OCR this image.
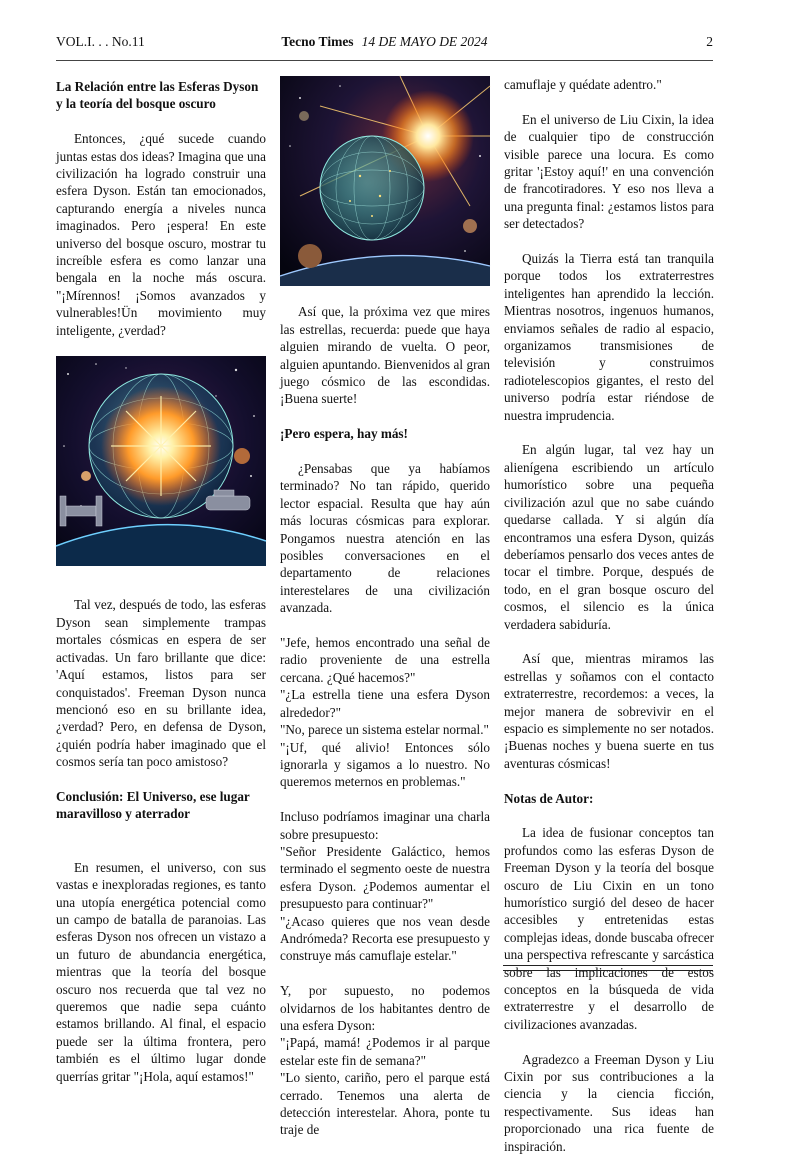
VOL.I. . . No.11	Tecno Times 14 DE MAYO DE 2024	2
La Relación entre las Esferas Dyson y la teoría del bosque oscuro

Entonces, ¿qué sucede cuando juntas estas dos ideas? Imagina que una civilización ha logrado construir una esfera Dyson. Están tan emocionados, capturando energía a niveles nunca imaginados. Pero ¡espera! En este universo del bosque oscuro, mostrar tu increíble esfera es como lanzar una bengala en la noche más oscura. "¡Mírennos! ¡Somos avanzados y vulnerables!Ün movimiento muy inteligente, ¿verdad?

Tal vez, después de todo, las esferas Dyson sean simplemente trampas mortales cósmicas en espera de ser activadas. Un faro brillante que dice: 'Aquí estamos, listos para ser conquistados'. Freeman Dyson nunca mencionó eso en su brillante idea, ¿verdad? Pero, en defensa de Dyson, ¿quién podría haber imaginado que el cosmos sería tan poco amistoso?

Conclusión: El Universo, ese lugar maravilloso y aterrador

En resumen, el universo, con sus vastas e inexploradas regiones, es tanto una utopía energética potencial como un campo de batalla de paranoias. Las esferas Dyson nos ofrecen un vistazo a un futuro de abundancia energética, mientras que la teoría del bosque oscuro nos recuerda que tal vez no queremos que nadie sepa cuánto estamos brillando. Al final, el espacio puede ser la última frontera, pero también es el último lugar donde querrías gritar "¡Hola, aquí estamos!"

Así que, la próxima vez que mires las estrellas, recuerda: puede que haya alguien mirando de vuelta. O peor, alguien apuntando. Bienvenidos al gran juego cósmico de las escondidas. ¡Buena suerte!

¡Pero espera, hay más!

¿Pensabas que ya habíamos terminado? No tan rápido, querido lector espacial. Resulta que hay aún más locuras cósmicas para explorar. Pongamos nuestra atención en las posibles conversaciones en el departamento de relaciones interestelares de una civilización avanzada.

"Jefe, hemos encontrado una señal de radio proveniente de una estrella cercana. ¿Qué hacemos?"

"¿La estrella tiene una esfera Dyson alrededor?"

"No, parece un sistema estelar normal."

"¡Uf, qué alivio! Entonces sólo ignorarla y sigamos a lo nuestro. No queremos meternos en problemas."

Incluso podríamos imaginar una charla sobre presupuesto:

"Señor Presidente Galáctico, hemos terminado el segmento oeste de nuestra esfera Dyson. ¿Podemos aumentar el presupuesto para continuar?"

"¿Acaso quieres que nos vean desde Andrómeda? Recorta ese presupuesto y construye más camuflaje estelar."

Y, por supuesto, no podemos olvidarnos de los habitantes dentro de una esfera Dyson:

"¡Papá, mamá! ¿Podemos ir al parque estelar este fin de semana?"

"Lo siento, cariño, pero el parque está cerrado. Tenemos una alerta de detección interestelar. Ahora, ponte tu traje de

camuflaje y quédate adentro."

En el universo de Liu Cixin, la idea de cualquier tipo de construcción visible parece una locura. Es como gritar '¡Estoy aquí!' en una convención de francotiradores. Y eso nos lleva a una pregunta final: ¿estamos listos para ser detectados?

Quizás la Tierra está tan tranquila porque todos los extraterrestres inteligentes han aprendido la lección. Mientras nosotros, ingenuos humanos, enviamos señales de radio al espacio, organizamos transmisiones de televisión y construimos radiotelescopios gigantes, el resto del universo podría estar riéndose de nuestra imprudencia.

En algún lugar, tal vez hay un alienígena escribiendo un artículo humorístico sobre una pequeña civilización azul que no sabe cuándo quedarse callada. Y si algún día encontramos una esfera Dyson, quizás deberíamos pensarlo dos veces antes de tocar el timbre. Porque, después de todo, en el gran bosque oscuro del cosmos, el silencio es la única verdadera sabiduría.

Así que, mientras miramos las estrellas y soñamos con el contacto extraterrestre, recordemos: a veces, la mejor manera de sobrevivir en el espacio es simplemente no ser notados. ¡Buenas noches y buena suerte en tus aventuras cósmicas!

Notas de Autor:

La idea de fusionar conceptos tan profundos como las esferas Dyson de Freeman Dyson y la teoría del bosque oscuro de Liu Cixin en un tono humorístico surgió del deseo de hacer accesibles y entretenidas estas complejas ideas, donde buscaba ofrecer una perspectiva refrescante y sarcástica sobre las implicaciones de estos conceptos en la búsqueda de vida extraterrestre y el desarrollo de civilizaciones avanzadas.

Agradezco a Freeman Dyson y Liu Cixin por sus contribuciones a la ciencia y la ciencia ficción, respectivamente. Sus ideas han proporcionado una rica fuente de inspiración.
